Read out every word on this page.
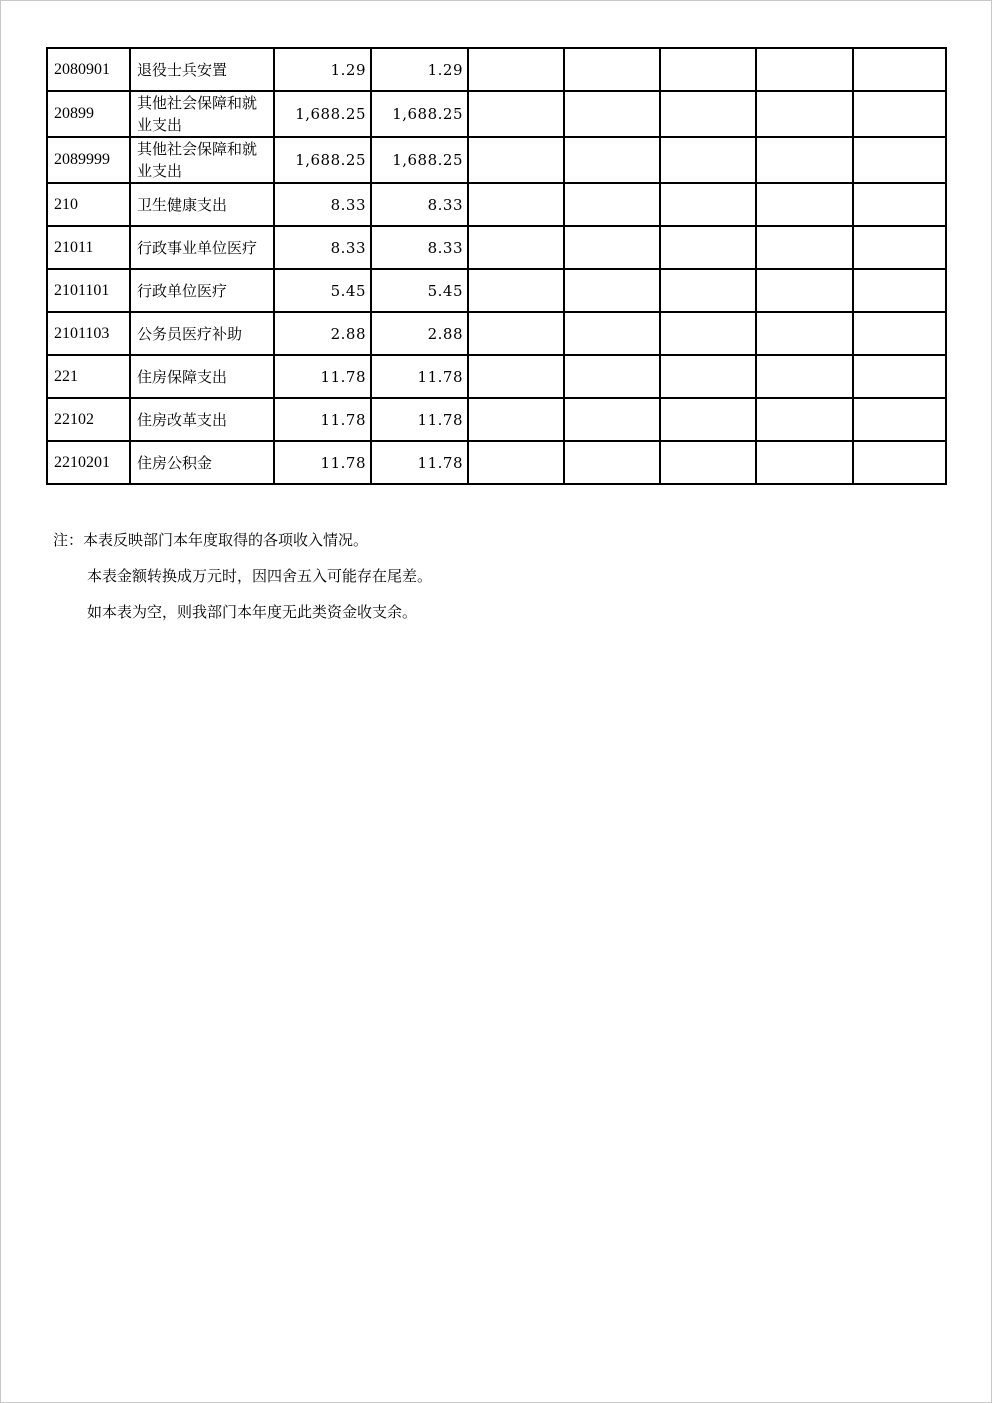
2080901	退役士兵安置	1.29	1.29					
20899	其他社会保障和就业支出	1,688.25	1,688.25					
2089999	其他社会保障和就业支出	1,688.25	1,688.25					
210	卫生健康支出	8.33	8.33					
21011	行政事业单位医疗	8.33	8.33					
2101101	行政单位医疗	5.45	5.45					
2101103	公务员医疗补助	2.88	2.88					
221	住房保障支出	11.78	11.78					
22102	住房改革支出	11.78	11.78					
2210201	住房公积金	11.78	11.78					

注：本表反映部门本年度取得的各项收入情况。

本表金额转换成万元时，因四舍五入可能存在尾差。

如本表为空，则我部门本年度无此类资金收支余。
